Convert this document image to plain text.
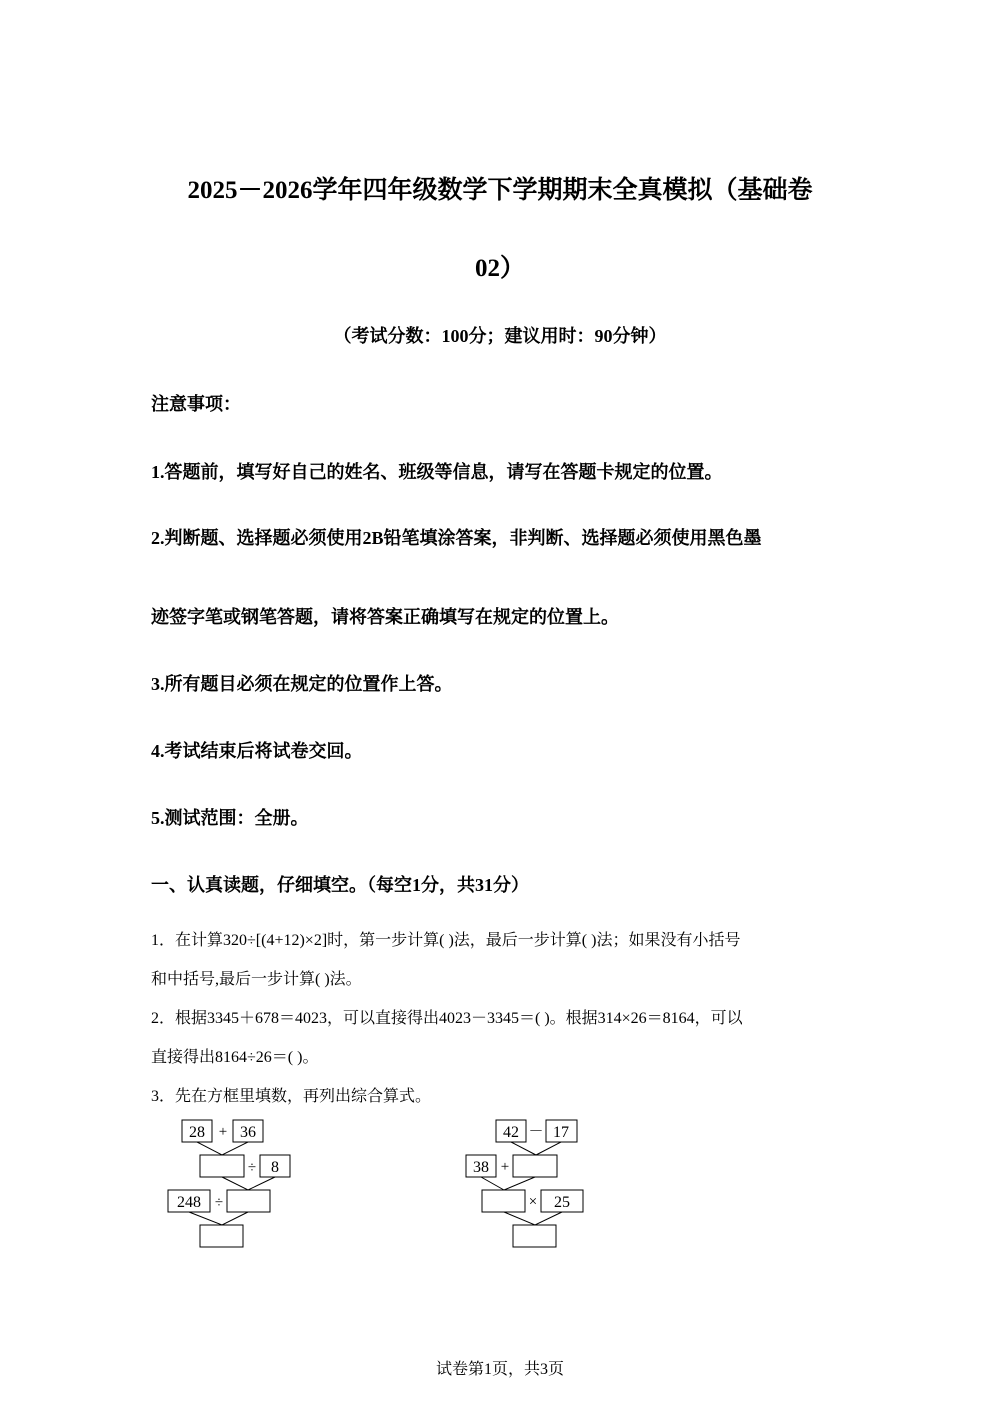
2025－2026学年四年级数学下学期期末全真模拟（基础卷
02）
（考试分数：100分；建议用时：90分钟）
注意事项：
1.答题前，填写好自己的姓名、班级等信息，请写在答题卡规定的位置。
2.判断题、选择题必须使用2B铅笔填涂答案，非判断、选择题必须使用黑色墨
迹签字笔或钢笔答题，请将答案正确填写在规定的位置上。
3.所有题目必须在规定的位置作上答。
4.考试结束后将试卷交回。
5.测试范围：全册。
一、认真读题，仔细填空。（每空1分，共31分）
1．在计算320÷[(4+12)×2]时，第一步计算( )法，最后一步计算( )法；如果没有小括号
和中括号,最后一步计算( )法。
2．根据3345＋678＝4023，可以直接得出4023－3345＝( )。根据314×26＝8164，可以
直接得出8164÷26＝( )。
3．先在方框里填数，再列出综合算式。
28 + 36
÷ 8
248 ÷
42 － 17
38 +
× 25
试卷第1页，共3页
